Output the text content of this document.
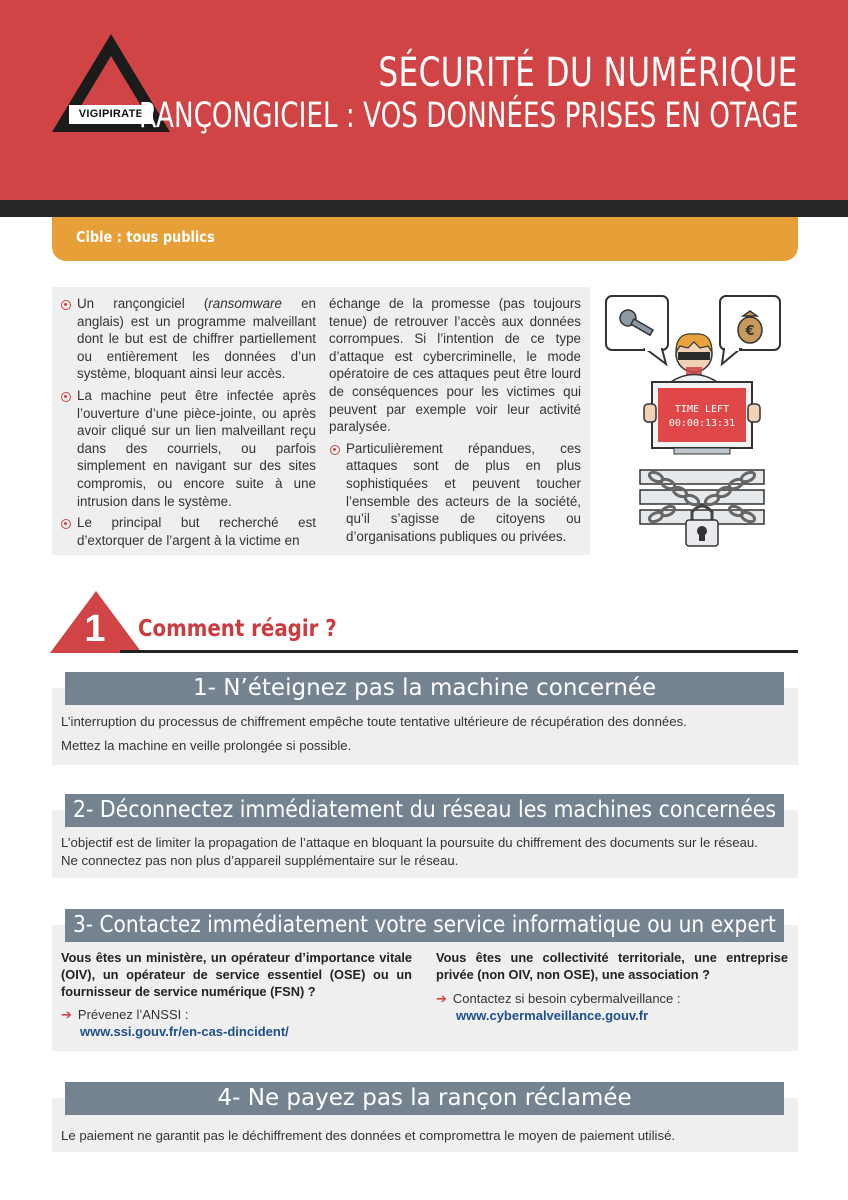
VIGIPIRATE
SÉCURITÉ DU NUMÉRIQUE
RANÇONGICIEL : VOS DONNÉES PRISES EN OTAGE
Cible : tous publics

Un rançongiciel (ransomware en anglais) est un programme malveillant dont le but est de chiffrer partiellement ou entièrement les données d’un système, bloquant ainsi leur accès.

La machine peut être infectée après l’ouverture d’une pièce-jointe, ou après avoir cliqué sur un lien malveillant reçu dans des courriels, ou parfois simplement en navigant sur des sites compromis, ou encore suite à une intrusion dans le système.

Le principal but recherché est d’extorquer de l’argent à la victime en

échange de la promesse (pas toujours tenue) de retrouver l’accès aux données corrompues. Si l’intention de ce type d’attaque est cybercriminelle, le mode opératoire de ces attaques peut être lourd de conséquences pour les victimes qui peuvent par exemple voir leur activité paralysée.

Particulièrement répandues, ces attaques sont de plus en plus sophistiquées et peuvent toucher l’ensemble des acteurs de la société, qu’il s’agisse de citoyens ou d’organisations publiques ou privées.

€
TIME LEFT
00:00:13:31
1 Comment réagir ?
1- N’éteignez pas la machine concernée
L’interruption du processus de chiffrement empêche toute tentative ultérieure de récupération des données.
Mettez la machine en veille prolongée si possible.
2- Déconnectez immédiatement du réseau les machines concernées
L’objectif est de limiter la propagation de l’attaque en bloquant la poursuite du chiffrement des documents sur le réseau.
Ne connectez pas non plus d’appareil supplémentaire sur le réseau.
3- Contactez immédiatement votre service informatique ou un expert
Vous êtes un ministère, un opérateur d’importance vitale (OIV), un opérateur de service essentiel (OSE) ou un fournisseur de service numérique (FSN) ?
➔ Prévenez l’ANSSI :
www.ssi.gouv.fr/en-cas-dincident/
Vous êtes une collectivité territoriale, une entreprise privée (non OIV, non OSE), une association ?
➔ Contactez si besoin cybermalveillance :
www.cybermalveillance.gouv.fr
4- Ne payez pas la rançon réclamée
Le paiement ne garantit pas le déchiffrement des données et compromettra le moyen de paiement utilisé.
